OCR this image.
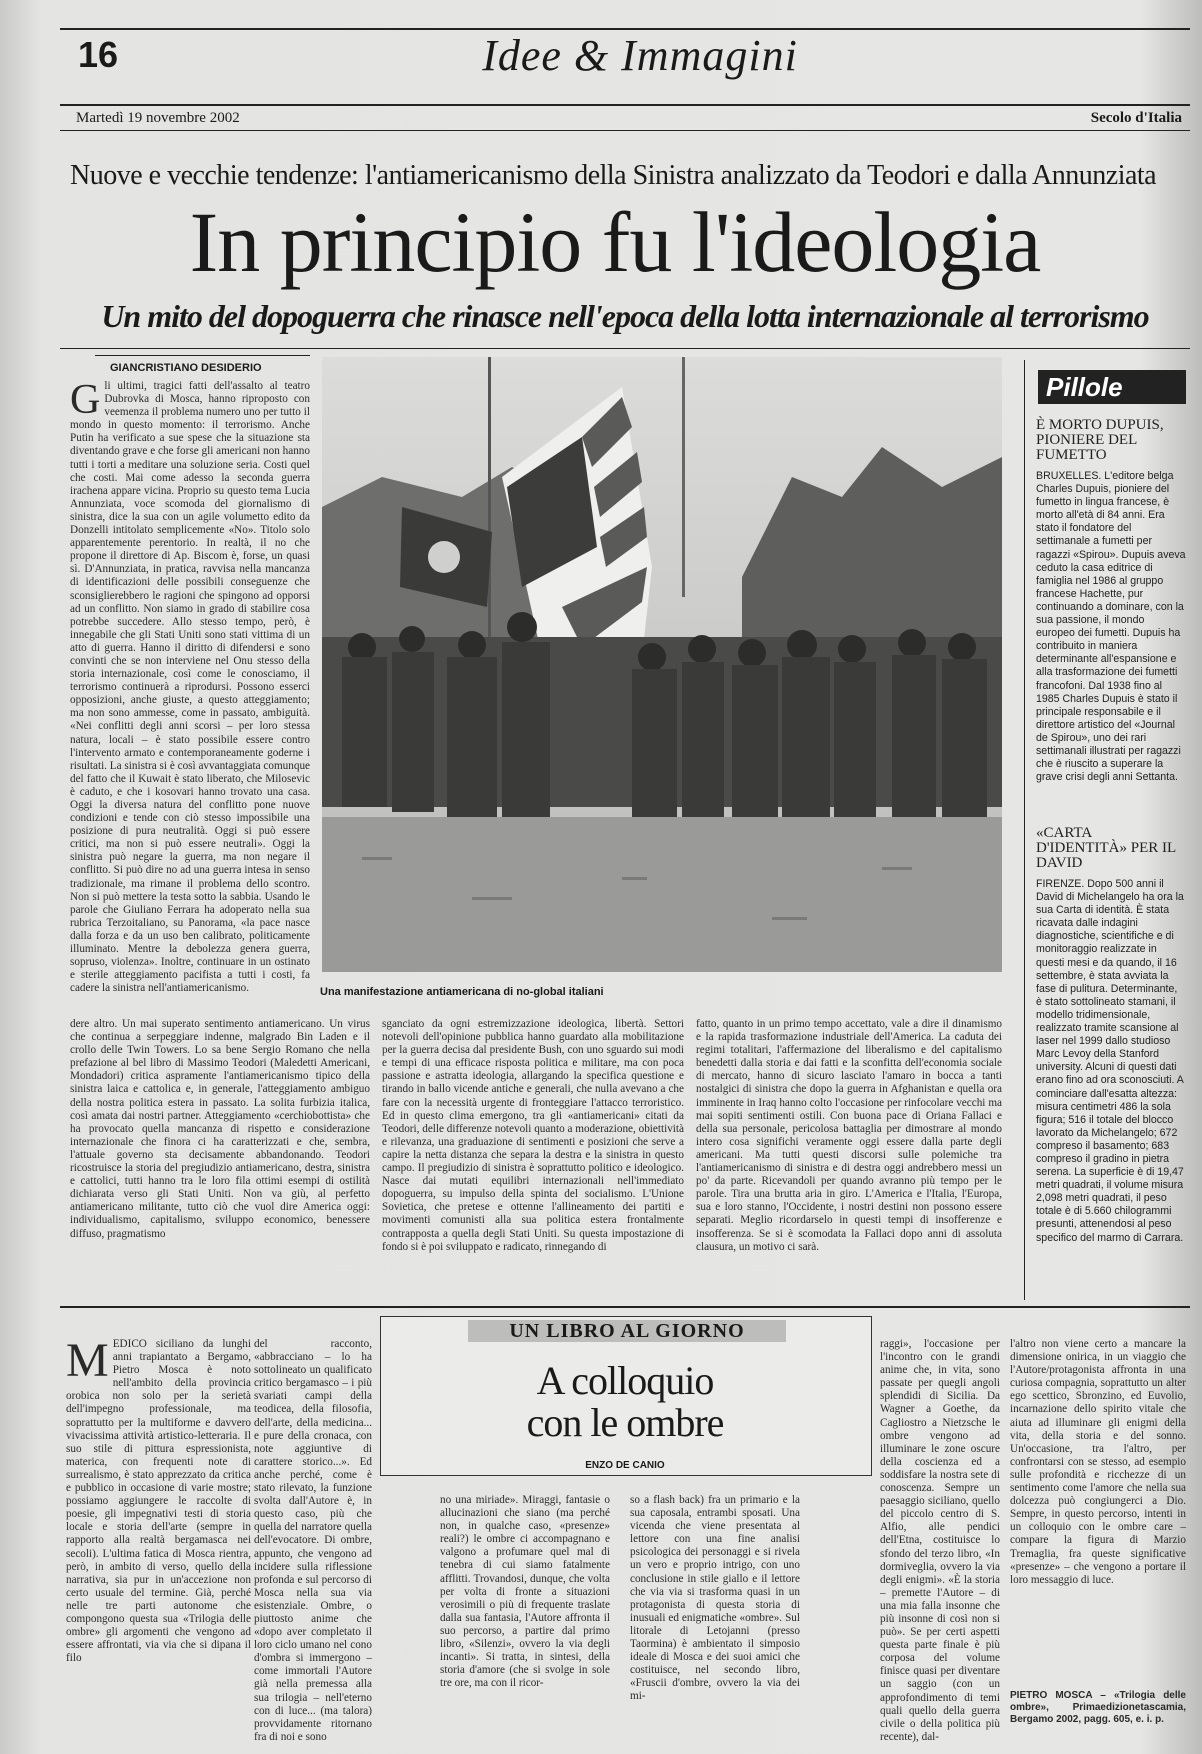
16	Idee & Immagini
Martedì 19 novembre 2002	Secolo d'Italia
Nuove e vecchie tendenze: l'antiamericanismo della Sinistra analizzato da Teodori e dalla Annunziata
In principio fu l'ideologia
Un mito del dopoguerra che rinasce nell'epoca della lotta internazionale al terrorismo
GIANCRISTIANO DESIDERIO
Gli ultimi, tragici fatti dell'assalto al teatro Dubrovka di Mosca, hanno riproposto con veemenza il problema numero uno per tutto il mondo in questo momento: il terrorismo. Anche Putin ha verificato a sue spese che la situazione sta diventando grave e che forse gli americani non hanno tutti i torti a meditare una soluzione seria. Costi quel che costi. Mai come adesso la seconda guerra irachena appare vicina. Proprio su questo tema Lucia Annunziata, voce scomoda del giornalismo di sinistra, dice la sua con un agile volumetto edito da Donzelli intitolato semplicemente «No». Titolo solo apparentemente perentorio. In realtà, il no che propone il direttore di Ap. Biscom è, forse, un quasi sì. D'Annunziata, in pratica, ravvisa nella mancanza di identificazioni delle possibili conseguenze che sconsiglierebbero le ragioni che spingono ad opporsi ad un conflitto. Non siamo in grado di stabilire cosa potrebbe succedere. Allo stesso tempo, però, è innegabile che gli Stati Uniti sono stati vittima di un atto di guerra. Hanno il diritto di difendersi e sono convinti che se non interviene nel Onu stesso della storia internazionale, così come le conosciamo, il terrorismo continuerà a riprodursi. Possono esserci opposizioni, anche giuste, a questo atteggiamento; ma non sono ammesse, come in passato, ambiguità. «Nei conflitti degli anni scorsi – per loro stessa natura, locali – è stato possibile essere contro l'intervento armato e contemporaneamente goderne i risultati. La sinistra si è così avvantaggiata comunque del fatto che il Kuwait è stato liberato, che Milosevic è caduto, e che i kosovari hanno trovato una casa. Oggi la diversa natura del conflitto pone nuove condizioni e tende con ciò stesso impossibile una posizione di pura neutralità. Oggi si può essere critici, ma non si può essere neutrali». Oggi la sinistra può negare la guerra, ma non negare il conflitto. Si può dire no ad una guerra intesa in senso tradizionale, ma rimane il problema dello scontro. Non si può mettere la testa sotto la sabbia. Usando le parole che Giuliano Ferrara ha adoperato nella sua rubrica Terzoitaliano, su Panorama, «la pace nasce dalla forza e da un uso ben calibrato, politicamente illuminato. Mentre la debolezza genera guerra, sopruso, violenza». Inoltre, continuare in un ostinato e sterile atteggiamento pacifista a tutti i costi, fa cadere la sinistra nell'antiamericanismo.
dere altro. Un mai superato sentimento antiamericano. Un virus che continua a serpeggiare indenne, malgrado Bin Laden e il crollo delle Twin Towers. Lo sa bene Sergio Romano che nella prefazione al bel libro di Massimo Teodori (Maledetti Americani, Mondadori) critica aspramente l'antiamericanismo tipico della sinistra laica e cattolica e, in generale, l'atteggiamento ambiguo della nostra politica estera in passato. La solita furbizia italica, così amata dai nostri partner. Atteggiamento «cerchiobottista» che ha provocato quella mancanza di rispetto e considerazione internazionale che finora ci ha caratterizzati e che, sembra, l'attuale governo sta decisamente abbandonando. Teodori ricostruisce la storia del pregiudizio antiamericano, destra, sinistra e cattolici, tutti hanno tra le loro fila ottimi esempi di ostilità dichiarata verso gli Stati Uniti. Non va giù, al perfetto antiamericano militante, tutto ciò che vuol dire America oggi: individualismo, capitalismo, sviluppo economico, benessere diffuso, pragmatismo
sganciato da ogni estremizzazione ideologica, libertà. Settori notevoli dell'opinione pubblica hanno guardato alla mobilitazione per la guerra decisa dal presidente Bush, con uno sguardo sui modi e tempi di una efficace risposta politica e militare, ma con poca passione e astratta ideologia, allargando la specifica questione e tirando in ballo vicende antiche e generali, che nulla avevano a che fare con la necessità urgente di fronteggiare l'attacco terroristico. Ed in questo clima emergono, tra gli «antiamericani» citati da Teodori, delle differenze notevoli quanto a moderazione, obiettività e rilevanza, una graduazione di sentimenti e posizioni che serve a capire la netta distanza che separa la destra e la sinistra in questo campo. Il pregiudizio di sinistra è soprattutto politico e ideologico. Nasce dai mutati equilibri internazionali nell'immediato dopoguerra, su impulso della spinta del socialismo. L'Unione Sovietica, che pretese e ottenne l'allineamento dei partiti e movimenti comunisti alla sua politica estera frontalmente contrapposta a quella degli Stati Uniti. Su questa impostazione di fondo si è poi sviluppato e radicato, rinnegando di
fatto, quanto in un primo tempo accettato, vale a dire il dinamismo e la rapida trasformazione industriale dell'America. La caduta dei regimi totalitari, l'affermazione del liberalismo e del capitalismo benedetti dalla storia e dai fatti e la sconfitta dell'economia sociale di mercato, hanno di sicuro lasciato l'amaro in bocca a tanti nostalgici di sinistra che dopo la guerra in Afghanistan e quella ora imminente in Iraq hanno colto l'occasione per rinfocolare vecchi ma mai sopiti sentimenti ostili. Con buona pace di Oriana Fallaci e della sua personale, pericolosa battaglia per dimostrare al mondo intero cosa significhi veramente oggi essere dalla parte degli americani. Ma tutti questi discorsi sulle polemiche tra l'antiamericanismo di sinistra e di destra oggi andrebbero messi un po' da parte. Ricevandoli per quando avranno più tempo per le parole. Tira una brutta aria in giro. L'America e l'Italia, l'Europa, sua e loro stanno, l'Occidente, i nostri destini non possono essere separati. Meglio ricordarselo in questi tempi di insofferenze e insofferenza. Se si è scomodata la Fallaci dopo anni di assoluta clausura, un motivo ci sarà.
Una manifestazione antiamericana di no-global italiani
Pillole
È MORTO DUPUIS, PIONIERE DEL FUMETTO
BRUXELLES. L'editore belga Charles Dupuis, pioniere del fumetto in lingua francese, è morto all'età di 84 anni. Era stato il fondatore del settimanale a fumetti per ragazzi «Spirou». Dupuis aveva ceduto la casa editrice di famiglia nel 1986 al gruppo francese Hachette, pur continuando a dominare, con la sua passione, il mondo europeo dei fumetti. Dupuis ha contribuito in maniera determinante all'espansione e alla trasformazione dei fumetti francofoni. Dal 1938 fino al 1985 Charles Dupuis è stato il principale responsabile e il direttore artistico del «Journal de Spirou», uno dei rari settimanali illustrati per ragazzi che è riuscito a superare la grave crisi degli anni Settanta.
«CARTA D'IDENTITÀ» PER IL DAVID
FIRENZE. Dopo 500 anni il David di Michelangelo ha ora la sua Carta di identità. È stata ricavata dalle indagini diagnostiche, scientifiche e di monitoraggio realizzate in questi mesi e da quando, il 16 settembre, è stata avviata la fase di pulitura. Determinante, è stato sottolineato stamani, il modello tridimensionale, realizzato tramite scansione al laser nel 1999 dallo studioso Marc Levoy della Stanford university. Alcuni di questi dati erano fino ad ora sconosciuti. A cominciare dall'esatta altezza: misura centimetri 486 la sola figura; 516 il totale del blocco lavorato da Michelangelo; 672 compreso il basamento; 683 compreso il gradino in pietra serena. La superficie è di 19,47 metri quadrati, il volume misura 2,098 metri quadrati, il peso totale è di 5.660 chilogrammi presunti, attenendosi al peso specifico del marmo di Carrara.
UN LIBRO AL GIORNO
A colloquio
con le ombre
ENZO DE CANIO
MEDICO siciliano da lunghi anni trapiantato a Bergamo, Pietro Mosca è noto nell'ambito della provincia orobica non solo per la serietà dell'impegno professionale, ma soprattutto per la multiforme e davvero vivacissima attività artistico-letteraria. Il suo stile di pittura espressionista, materica, con frequenti note di surrealismo, è stato apprezzato da critica e pubblico in occasione di varie mostre; possiamo aggiungere le raccolte di poesie, gli impegnativi testi di storia locale e storia dell'arte (sempre in rapporto alla realtà bergamasca nei secoli). L'ultima fatica di Mosca rientra, però, in ambito di verso, quello della narrativa, sia pur in un'accezione non certo usuale del termine. Già, perché nelle tre parti autonome che compongono questa sua «Trilogia delle ombre» gli argomenti che vengono ad essere affrontati, via via che si dipana il filo
del racconto, «abbracciano – lo ha sottolineato un qualificato critico bergamasco – i più svariati campi della teodicea, della filosofia, dell'arte, della medicina... e pure della cronaca, con note aggiuntive di carattere storico...». Ed anche perché, come è stato rilevato, la funzione svolta dall'Autore è, in questo caso, più che quella del narratore quella dell'evocatore. Di ombre, appunto, che vengono ad incidere sulla riflessione profonda e sul percorso di Mosca nella sua via esistenziale. Ombre, o piuttosto anime che «dopo aver completato il loro ciclo umano nel cono d'ombra si immergono – come immortali l'Autore già nella premessa alla sua trilogia – nell'eterno con di luce... (ma talora) provvidamente ritornano fra di noi e sono
no una miriade». Miraggi, fantasie o allucinazioni che siano (ma perché non, in qualche caso, «presenze» reali?) le ombre ci accompagnano e valgono a profumare quel mal di tenebra di cui siamo fatalmente afflitti. Trovandosi, dunque, che volta per volta di fronte a situazioni verosimili o più di frequente traslate dalla sua fantasia, l'Autore affronta il suo percorso, a partire dal primo libro, «Silenzi», ovvero la via degli incanti». Si tratta, in sintesi, della storia d'amore (che si svolge in sole tre ore, ma con il ricor-
so a flash back) fra un primario e la sua caposala, entrambi sposati. Una vicenda che viene presentata al lettore con una fine analisi psicologica dei personaggi e si rivela un vero e proprio intrigo, con uno conclusione in stile giallo e il lettore che via via si trasforma quasi in un protagonista di questa storia di inusuali ed enigmatiche «ombre». Sul litorale di Letojanni (presso Taormina) è ambientato il simposio ideale di Mosca e dei suoi amici che costituisce, nel secondo libro, «Fruscii d'ombre, ovvero la via dei mi-
raggi», l'occasione per l'incontro con le grandi anime che, in vita, sono passate per quegli angoli splendidi di Sicilia. Da Wagner a Goethe, da Cagliostro a Nietzsche le ombre vengono ad illuminare le zone oscure della coscienza ed a soddisfare la nostra sete di conoscenza. Sempre un paesaggio siciliano, quello del piccolo centro di S. Alfio, alle pendici dell'Etna, costituisce lo sfondo del terzo libro, «In dormiveglia, ovvero la via degli enigmi». «È la storia – premette l'Autore – di una mia falla insonne che più insonne di così non si può». Se per certi aspetti questa parte finale è più corposa del volume finisce quasi per diventare un saggio (con un approfondimento di temi quali quello della guerra civile o della politica più recente), dal-
l'altro non viene certo a mancare la dimensione onirica, in un viaggio che l'Autore/protagonista affronta in una curiosa compagnia, soprattutto un alter ego scettico, Sbronzino, ed Euvolio, incarnazione dello spirito vitale che aiuta ad illuminare gli enigmi della vita, della storia e del sonno. Un'occasione, tra l'altro, per confrontarsi con se stesso, ad esempio sulle profondità e ricchezze di un sentimento come l'amore che nella sua dolcezza può congiungerci a Dio. Sempre, in questo percorso, intenti in un colloquio con le ombre care – compare la figura di Marzio Tremaglia, fra queste significative «presenze» – che vengono a portare il loro messaggio di luce.
PIETRO MOSCA – «Trilogia delle ombre», Primaedizionetascamia, Bergamo 2002, pagg. 605, e. i. p.
